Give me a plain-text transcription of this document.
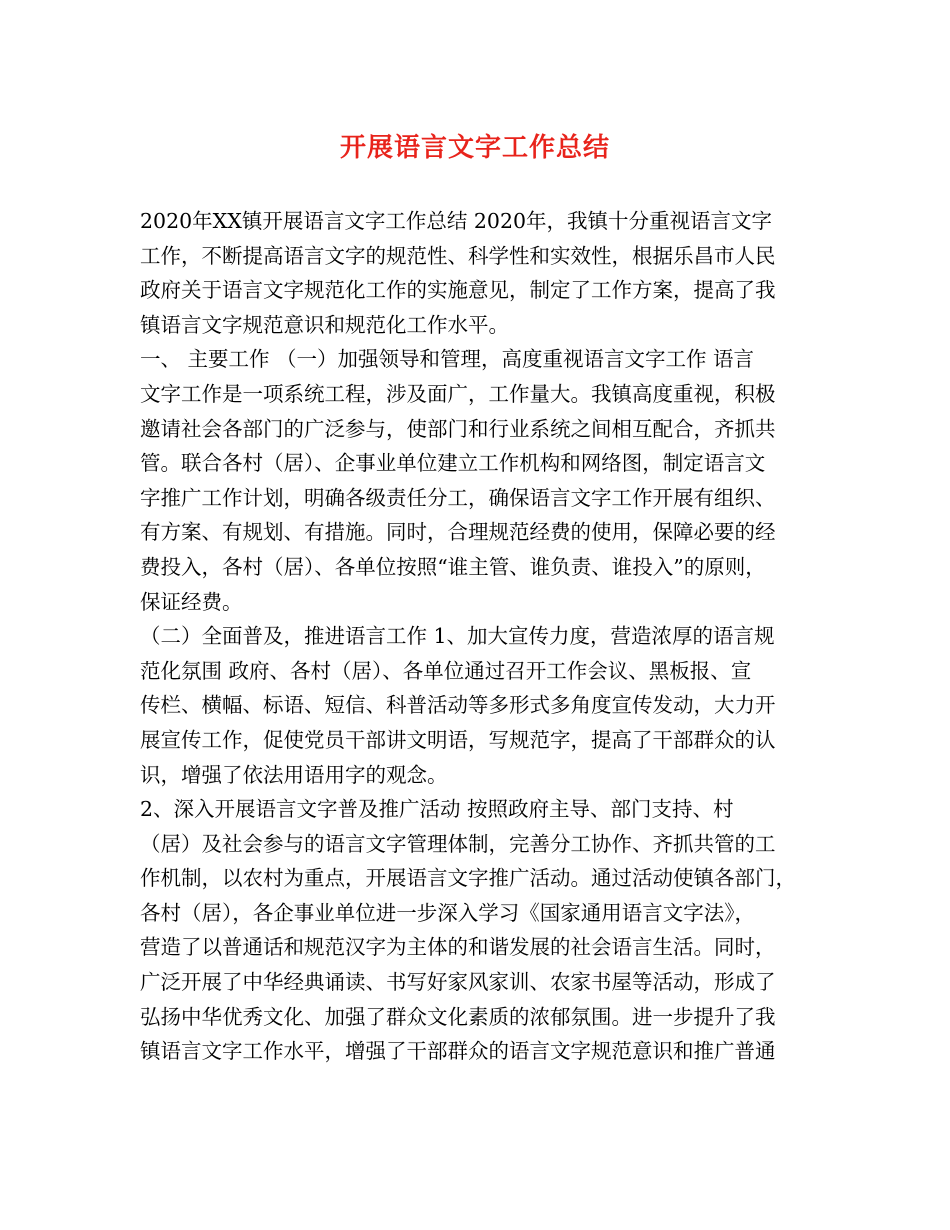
开展语言文字工作总结
2020年XX镇开展语言文字工作总结 2020年，我镇十分重视语言文字
工作，不断提高语言文字的规范性、科学性和实效性，根据乐昌市人民
政府关于语言文字规范化工作的实施意见，制定了工作方案，提高了我
镇语言文字规范意识和规范化工作水平。
一、 主要工作 （一）加强领导和管理，高度重视语言文字工作 语言
文字工作是一项系统工程，涉及面广，工作量大。我镇高度重视，积极
邀请社会各部门的广泛参与，使部门和行业系统之间相互配合，齐抓共
管。联合各村（居）、企事业单位建立工作机构和网络图，制定语言文
字推广工作计划，明确各级责任分工，确保语言文字工作开展有组织、
有方案、有规划、有措施。同时，合理规范经费的使用，保障必要的经
费投入，各村（居）、各单位按照“谁主管、谁负责、谁投入”的原则，
保证经费。
（二）全面普及，推进语言工作 1、加大宣传力度，营造浓厚的语言规
范化氛围 政府、各村（居）、各单位通过召开工作会议、黑板报、宣
传栏、横幅、标语、短信、科普活动等多形式多角度宣传发动，大力开
展宣传工作，促使党员干部讲文明语，写规范字，提高了干部群众的认
识，增强了依法用语用字的观念。
2、深入开展语言文字普及推广活动 按照政府主导、部门支持、村
（居）及社会参与的语言文字管理体制，完善分工协作、齐抓共管的工
作机制，以农村为重点，开展语言文字推广活动。通过活动使镇各部门，
各村（居），各企事业单位进一步深入学习《国家通用语言文字法》，
营造了以普通话和规范汉字为主体的和谐发展的社会语言生活。同时，
广泛开展了中华经典诵读、书写好家风家训、农家书屋等活动，形成了
弘扬中华优秀文化、加强了群众文化素质的浓郁氛围。进一步提升了我
镇语言文字工作水平，增强了干部群众的语言文字规范意识和推广普通
